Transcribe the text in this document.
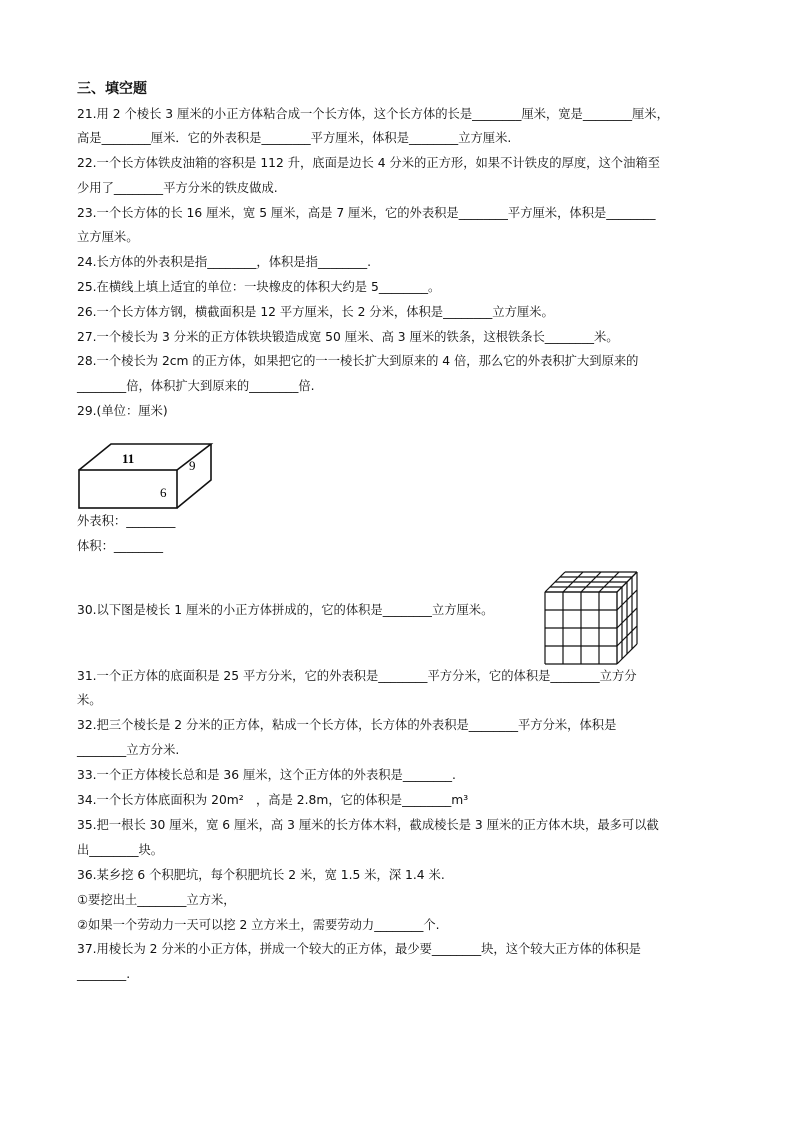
三、填空题
21.用 2 个棱长 3 厘米的小正方体粘合成一个长方体，这个长方体的长是________厘米，宽是________厘米，
高是________厘米．它的外表积是________平方厘米，体积是________立方厘米.
22.一个长方体铁皮油箱的容积是 112 升，底面是边长 4 分米的正方形，如果不计铁皮的厚度，这个油箱至
少用了________平方分米的铁皮做成.
23.一个长方体的长 16 厘米，宽 5 厘米，高是 7 厘米，它的外表积是________平方厘米，体积是________
立方厘米。
24.长方体的外表积是指________，体积是指________.
25.在横线上填上适宜的单位：一块橡皮的体积大约是 5________。
26.一个长方体方钢，横截面积是 12 平方厘米，长 2 分米，体积是________立方厘米。
27.一个棱长为 3 分米的正方体铁块锻造成宽 50 厘米、高 3 厘米的铁条，这根铁条长________米。
28.一个棱长为 2cm 的正方体，如果把它的一一棱长扩大到原来的 4 倍，那么它的外表积扩大到原来的
________倍，体积扩大到原来的________倍.
29.(单位：厘米)
外表积：________
体积：________
30.以下图是棱长 1 厘米的小正方体拼成的，它的体积是________立方厘米。
31.一个正方体的底面积是 25 平方分米，它的外表积是________平方分米，它的体积是________立方分
米。
32.把三个棱长是 2 分米的正方体，粘成一个长方体，长方体的外表积是________平方分米，体积是
________立方分米.
33.一个正方体棱长总和是 36 厘米，这个正方体的外表积是________.
34.一个长方体底面积为 20m²　，高是 2.8m，它的体积是________m³
35.把一根长 30 厘米，宽 6 厘米，高 3 厘米的长方体木料，截成棱长是 3 厘米的正方体木块，最多可以截
出________块。
36.某乡挖 6 个积肥坑，每个积肥坑长 2 米，宽 1.5 米，深 1.4 米.
①要挖出土________立方米，
②如果一个劳动力一天可以挖 2 立方米土，需要劳动力________个.
37.用棱长为 2 分米的小正方体，拼成一个较大的正方体，最少要________块，这个较大正方体的体积是
________.
11	9
6
